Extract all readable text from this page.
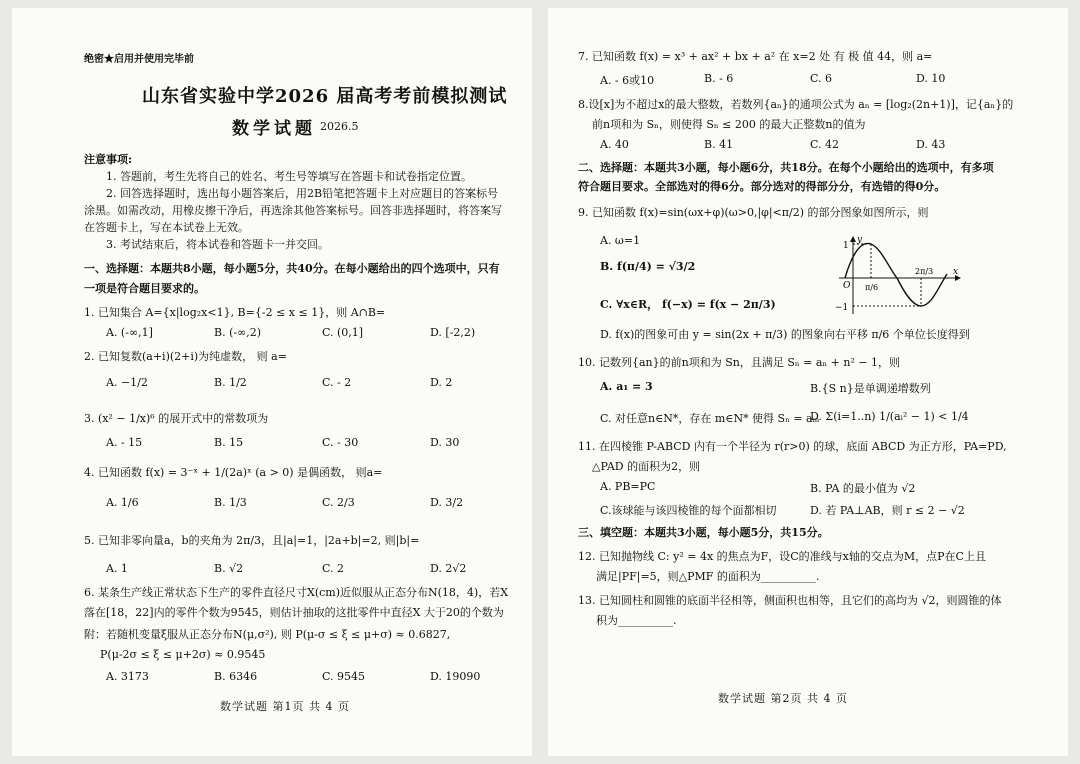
绝密★启用并使用完毕前
山东省实验中学2026 届高考考前模拟测试
数学试题 2026.5
注意事项:
1. 答题前，考生先将自己的姓名、考生号等填写在答题卡和试卷指定位置。
2. 回答选择题时，选出每小题答案后，用2B铅笔把答题卡上对应题目的答案标号
涂黑。如需改动，用橡皮擦干净后，再选涂其他答案标号。回答非选择题时，将答案写
在答题卡上，写在本试卷上无效。
3. 考试结束后，将本试卷和答题卡一并交回。
一、选择题：本题共8小题，每小题5分，共40分。在每小题给出的四个选项中，只有
一项是符合题目要求的。
1. 已知集合 A={x|log₂x<1}, B={-2 ≤ x ≤ 1}，则 A∩B=
A. (-∞,1]	B. (-∞,2)	C. (0,1]	D. [-2,2)
2. 已知复数(a+i)(2+i)为纯虚数， 则 a=
A. −1/2	B. 1/2	C. - 2	D. 2
3. (x² − 1/x)⁶ 的展开式中的常数项为
A. - 15	B. 15	C. - 30	D. 30
4. 已知函数 f(x) = 3⁻ˣ + 1/(2a)ˣ (a > 0) 是偶函数， 则a=
A. 1/6	B. 1/3	C. 2/3	D. 3/2
5. 已知非零向量a，b的夹角为 2π/3，且|a|=1，|2a+b|=2, 则|b|=
A. 1	B. √2	C. 2	D. 2√2
6. 某条生产线正常状态下生产的零件直径尺寸X(cm)近似服从正态分布N(18，4)，若X
落在[18，22]内的零件个数为9545，则估计抽取的这批零件中直径X 大于20的个数为
附：若随机变量ξ服从正态分布N(μ,σ²), 则 P(μ-σ ≤ ξ ≤ μ+σ) ≈ 0.6827,
P(μ-2σ ≤ ξ ≤ μ+2σ) ≈ 0.9545
A. 3173	B. 6346	C. 9545	D. 19090
数学试题 第1页 共 4 页
7. 已知函数 f(x) = x³ + ax² + bx + a² 在 x=2 处 有 极 值 44，则 a=
A. - 6或10	B. - 6	C. 6	D. 10
8.设[x]为不超过x的最大整数，若数列{aₙ}的通项公式为 aₙ = [log₂(2n+1)]，记{aₙ}的
前n项和为 Sₙ，则使得 Sₙ ≤ 200 的最大正整数n的值为
A. 40	B. 41	C. 42	D. 43
二、选择题：本题共3小题，每小题6分，共18分。在每个小题给出的选项中，有多项
符合题目要求。全部选对的得6分。部分选对的得部分分，有选错的得0分。
9. 已知函数 f(x)=sin(ωx+φ)(ω>0,|φ|<π/2) 的部分图象如图所示，则
A. ω=1
B. f(π/4) = √3/2
C. ∀x∈R， f(−x) = f(x − 2π/3)
D. f(x)的图象可由 y = sin(2x + π/3) 的图象向右平移 π/6 个单位长度得到
1
−1
O π/6
2π/3 x
y
10. 记数列{an}的前n项和为 Sn，且满足 Sₙ = aₙ + n² − 1，则
A. a₁ = 3	B.{S n}是单调递增数列
C. 对任意n∈N*，存在 m∈N* 使得 Sₙ = aₘ
D. Σ(i=1..n) 1/(aᵢ² − 1) < 1/4
11. 在四棱锥 P-ABCD 内有一个半径为 r(r>0) 的球，底面 ABCD 为正方形，PA=PD,
△PAD 的面积为2，则
A. PB=PC	B. PA 的最小值为 √2
C.该球能与该四棱锥的每个面都相切	D. 若 PA⊥AB，则 r ≤ 2 − √2
三、填空题：本题共3小题，每小题5分，共15分。
12. 已知抛物线 C: y² = 4x 的焦点为F，设C的准线与x轴的交点为M，点P在C上且
满足|PF|=5，则△PMF 的面积为__________.
13. 已知圆柱和圆锥的底面半径相等，侧面积也相等，且它们的高均为 √2，则圆锥的体
积为__________.
数学试题 第2页 共 4 页
